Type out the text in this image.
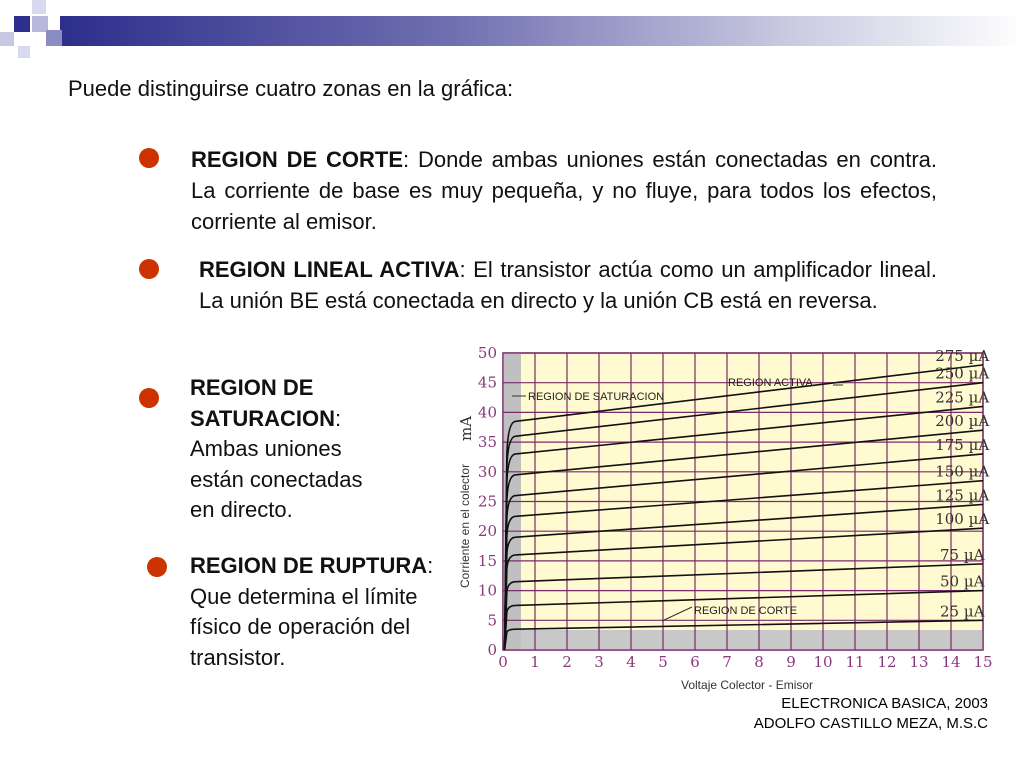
Puede distinguirse cuatro zonas en la gráfica:
REGION DE CORTE: Donde ambas uniones están conectadas en contra. La corriente de base es muy pequeña, y no fluye, para todos los efectos, corriente al emisor.
REGION LINEAL ACTIVA: El transistor actúa como un amplificador lineal. La unión BE está conectada en directo y la unión CB está en reversa.
REGION DE SATURACION: Ambas uniones están conectadas en directo.
REGION DE RUPTURA: Que determina el límite físico de operación del transistor.	0 1 2 3 4 5 6 7 8 9 10 11 12 13 14 15
0
5
10
15
20
25
30
35
40
45
50
25 µA
50 µA
75 µA
100 µA
125 µA
150 µA
175 µA
200 µA
225 µA
250 µA
275 µA
Corriente en el colector
mA
Voltaje Colector - Emisor
REGION DE SATURACION
REGION ACTIVA
REGION DE CORTE
ELECTRONICA BASICA, 2003
ADOLFO CASTILLO MEZA, M.S.C
